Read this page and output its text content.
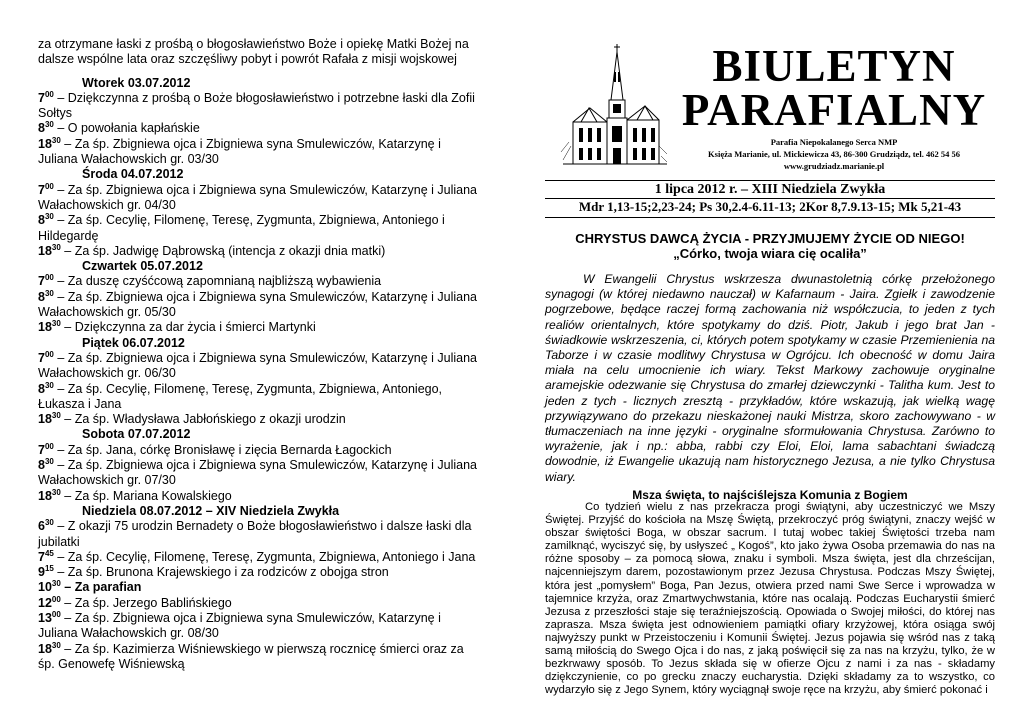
za otrzymane łaski z prośbą o błogosławieństwo Boże i opiekę Matki Bożej na dalsze wspólne lata oraz szczęśliwy pobyt i powrót Rafała z misji wojskowej

Wtorek 03.07.2012

$7^{00}$ – Dziękczynna z prośbą o Boże błogosławieństwo i potrzebne łaski dla Zofii Sołtys

$8^{30}$ – O powołania kapłańskie

$18^{30}$ – Za śp. Zbigniewa ojca i Zbigniewa syna Smulewiczów, Katarzynę i Juliana Wałachowskich gr. 03/30

Środa 04.07.2012

$7^{00}$ – Za śp. Zbigniewa ojca i Zbigniewa syna Smulewiczów, Katarzynę i Juliana Wałachowskich gr. 04/30

$8^{30}$ – Za śp. Cecylię, Filomenę, Teresę, Zygmunta, Zbigniewa, Antoniego i Hildegardę

$18^{30}$ – Za śp. Jadwigę Dąbrowską (intencja z okazji dnia matki)

Czwartek 05.07.2012

$7^{00}$ – Za duszę czyśćcową zapomnianą najbliższą wybawienia

$8^{30}$ – Za śp. Zbigniewa ojca i Zbigniewa syna Smulewiczów, Katarzynę i Juliana Wałachowskich gr. 05/30

$18^{30}$ – Dziękczynna za dar życia i śmierci Martynki

Piątek 06.07.2012

$7^{00}$ – Za śp. Zbigniewa ojca i Zbigniewa syna Smulewiczów, Katarzynę i Juliana Wałachowskich gr. 06/30

$8^{30}$ – Za śp. Cecylię, Filomenę, Teresę, Zygmunta, Zbigniewa, Antoniego, Łukasza i Jana

$18^{30}$ – Za śp. Władysława Jabłońskiego z okazji urodzin

Sobota 07.07.2012

$7^{00}$ – Za śp. Jana, córkę Bronisławę i zięcia Bernarda Łagockich

$8^{30}$ – Za śp. Zbigniewa ojca i Zbigniewa syna Smulewiczów, Katarzynę i Juliana Wałachowskich gr. 07/30

$18^{30}$ – Za śp. Mariana Kowalskiego

Niedziela 08.07.2012 – XIV Niedziela Zwykła

$6^{30}$ – Z okazji 75 urodzin Bernadety o Boże błogosławieństwo i dalsze łaski dla jubilatki

$7^{45}$ – Za śp. Cecylię, Filomenę, Teresę, Zygmunta, Zbigniewa, Antoniego i Jana

$9^{15}$ – Za śp. Brunona Krajewskiego i za rodziców z obojga stron

$10^{30}$ – Za parafian

$12^{00}$ – Za śp. Jerzego Bablińskiego

$13^{00}$ – Za śp. Zbigniewa ojca i Zbigniewa syna Smulewiczów, Katarzynę i Juliana Wałachowskich gr. 08/30

$18^{30}$ – Za śp. Kazimierza Wiśniewskiego w pierwszą rocznicę śmierci oraz za śp. Genowefę Wiśniewską

BIULETYN
PARAFIALNY
Parafia Niepokalanego Serca NMP
Księża Marianie, ul. Mickiewicza 43, 86-300 Grudziądz, tel. 462 54 56
www.grudziadz.marianie.pl
1 lipca 2012 r. – XIII Niedziela Zwykła
Mdr 1,13-15;2,23-24; Ps 30,2.4-6.11-13; 2Kor 8,7.9.13-15; Mk 5,21-43
CHRYSTUS DAWCĄ ŻYCIA - PRZYJMUJEMY ŻYCIE OD NIEGO!
„Córko, twoja wiara cię ocaliła”

W Ewangelii Chrystus wskrzesza dwunastoletnią córkę przełożonego synagogi (w której niedawno nauczał) w Kafarnaum - Jaira. Zgiełk i zawodzenie pogrzebowe, będące raczej formą zachowania niż współczucia, to jeden z tych realiów orientalnych, które spotykamy do dziś. Piotr, Jakub i jego brat Jan - świadkowie wskrzeszenia, ci, których potem spotykamy w czasie Przemienienia na Taborze i w czasie modlitwy Chrystusa w Ogrójcu. Ich obecność w domu Jaira miała na celu umocnienie ich wiary. Tekst Markowy zachowuje oryginalne aramejskie odezwanie się Chrystusa do zmarłej dziewczynki - Talitha kum. Jest to jeden z tych - licznych zresztą - przykładów, które wskazują, jak wielką wagę przywiązywano do przekazu nieskażonej nauki Mistrza, skoro zachowywano - w tłumaczeniach na inne języki - oryginalne sformułowania Chrystusa. Zarówno to wyrażenie, jak i np.: abba, rabbi czy Eloi, Eloi, lama sabachtani świadczą dowodnie, iż Ewangelie ukazują nam historycznego Jezusa, a nie tylko Chrystusa wiary.

Msza święta, to najściślejsza Komunia z Bogiem

Co tydzień wielu z nas przekracza progi świątyni, aby uczestniczyć we Mszy Świętej. Przyjść do kościoła na Mszę Świętą, przekroczyć próg świątyni, znaczy wejść w obszar świętości Boga, w obszar sacrum. I tutaj wobec takiej Świętości trzeba nam zamilknąć, wyciszyć się, by usłyszeć „ Kogoś”, kto jako żywa Osoba przemawia do nas na różne sposoby – za pomocą słowa, znaku i symboli. Msza święta, jest dla chrześcijan, najcenniejszym darem, pozostawionym przez Jezusa Chrystusa. Podczas Mszy Świętej, która jest „pomysłem” Boga, Pan Jezus, otwiera przed nami Swe Serce i wprowadza w tajemnice krzyża, oraz Zmartwychwstania, które nas ocalają. Podczas Eucharystii śmierć Jezusa z przeszłości staje się teraźniejszością. Opowiada o Swojej miłości, do której nas zaprasza. Msza święta jest odnowieniem pamiątki ofiary krzyżowej, która osiąga swój najwyższy punkt w Przeistoczeniu i Komunii Świętej. Jezus pojawia się wśród nas z taką samą miłością do Swego Ojca i do nas, z jaką poświęcił się za nas na krzyżu, tylko, że w bezkrwawy sposób. To Jezus składa się w ofierze Ojcu z nami i za nas - składamy dziękczynienie, co po grecku znaczy eucharystia. Dzięki składamy za to wszystko, co wydarzyło się z Jego Synem, który wyciągnął swoje ręce na krzyżu, aby śmierć pokonać i
